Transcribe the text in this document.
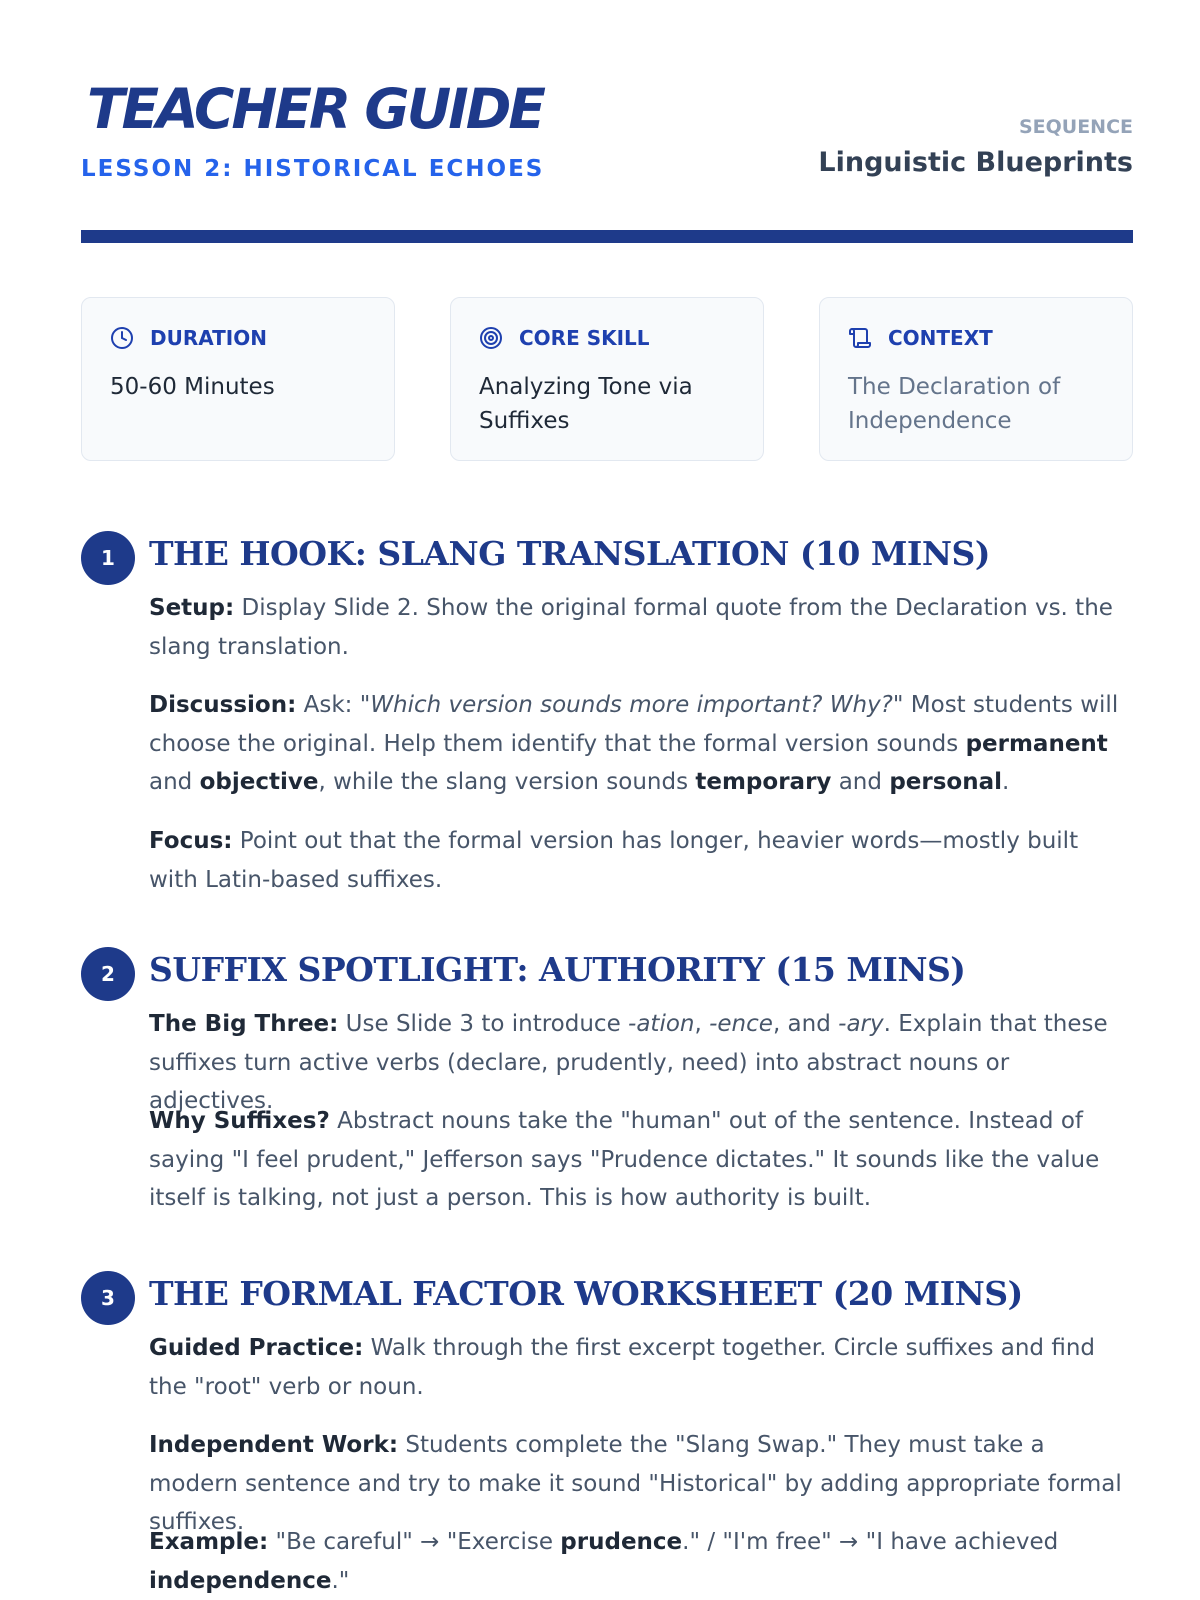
TEACHER GUIDE
LESSON 2: HISTORICAL ECHOES
SEQUENCE
Linguistic Blueprints
DURATION
50-60 Minutes
CORE SKILL
Analyzing Tone via Suffixes
CONTEXT
The Declaration of Independence
1	THE HOOK: SLANG TRANSLATION (10 MINS)
Setup: Display Slide 2. Show the original formal quote from the Declaration vs. the slang translation.
Discussion: Ask: "Which version sounds more important? Why?" Most students will choose the original. Help them identify that the formal version sounds permanent and objective, while the slang version sounds temporary and personal.
Focus: Point out that the formal version has longer, heavier words—mostly built with Latin-based suffixes.
2	SUFFIX SPOTLIGHT: AUTHORITY (15 MINS)
The Big Three: Use Slide 3 to introduce -ation, -ence, and -ary. Explain that these suffixes turn active verbs (declare, prudently, need) into abstract nouns or adjectives.
Why Suffixes? Abstract nouns take the "human" out of the sentence. Instead of saying "I feel prudent," Jefferson says "Prudence dictates." It sounds like the value itself is talking, not just a person. This is how authority is built.
3	THE FORMAL FACTOR WORKSHEET (20 MINS)
Guided Practice: Walk through the first excerpt together. Circle suffixes and find the "root" verb or noun.
Independent Work: Students complete the "Slang Swap." They must take a modern sentence and try to make it sound "Historical" by adding appropriate formal suffixes.
Example: "Be careful" → "Exercise prudence." / "I'm free" → "I have achieved independence."
